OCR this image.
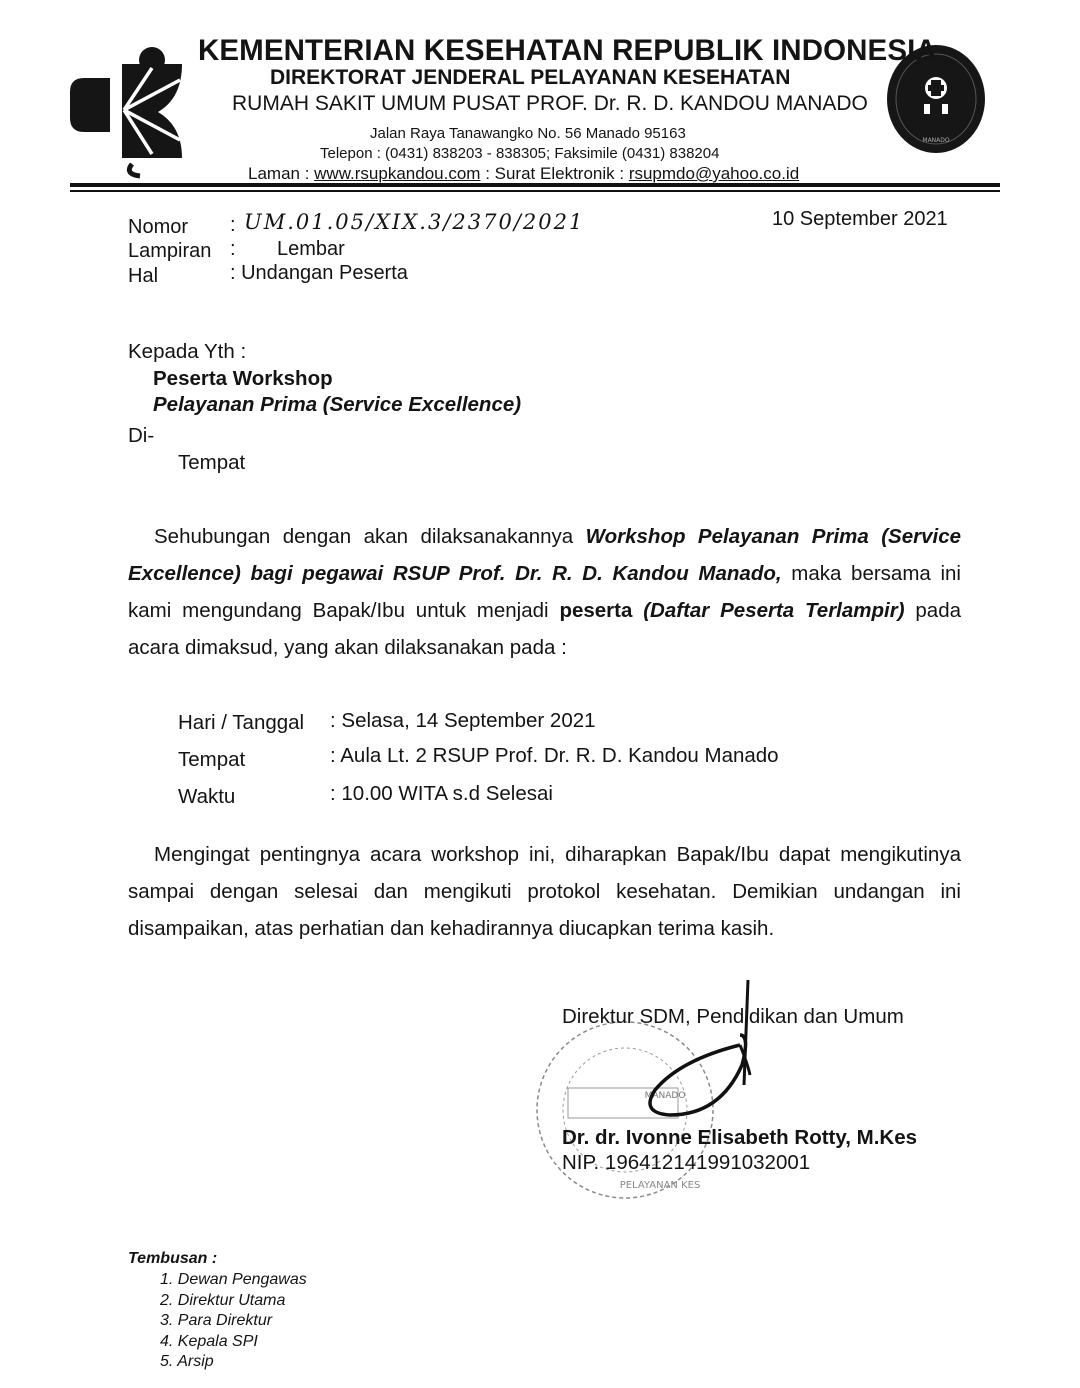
MANADO
KEMENTERIAN KESEHATAN REPUBLIK INDONESIA
DIREKTORAT JENDERAL PELAYANAN KESEHATAN
RUMAH SAKIT UMUM PUSAT PROF. Dr. R. D. KANDOU MANADO
Jalan Raya Tanawangko No. 56 Manado 95163
Telepon : (0431) 838203 - 838305; Faksimile (0431) 838204
Laman : www.rsupkandou.com : Surat Elektronik : rsupmdo@yahoo.co.id
Nomor : UM.01.05/XIX.3/2370/2021	10 September 2021
Lampiran : Lembar
Hal	: Undangan Peserta
Kepada Yth :
Peserta Workshop
Pelayanan Prima (Service Excellence)
Di-
Tempat
Sehubungan dengan akan dilaksanakannya Workshop Pelayanan Prima (Service Excellence) bagi pegawai RSUP Prof. Dr. R. D. Kandou Manado, maka bersama ini kami mengundang Bapak/Ibu untuk menjadi peserta (Daftar Peserta Terlampir) pada acara dimaksud, yang akan dilaksanakan pada :
Hari / Tanggal : Selasa, 14 September 2021
Tempat	: Aula Lt. 2 RSUP Prof. Dr. R. D. Kandou Manado
Waktu	: 10.00 WITA s.d Selesai
Mengingat pentingnya acara workshop ini, diharapkan Bapak/Ibu dapat mengikutinya sampai dengan selesai dan mengikuti protokol kesehatan. Demikian undangan ini disampaikan, atas perhatian dan kehadirannya diucapkan terima kasih.
MANADO
PELAYANAN KES
Direktur SDM, Pendidikan dan Umum
Dr. dr. Ivonne Elisabeth Rotty, M.Kes
NIP. 196412141991032001
Tembusan :
1. Dewan Pengawas
2. Direktur Utama
3. Para Direktur
4. Kepala SPI
5. Arsip
